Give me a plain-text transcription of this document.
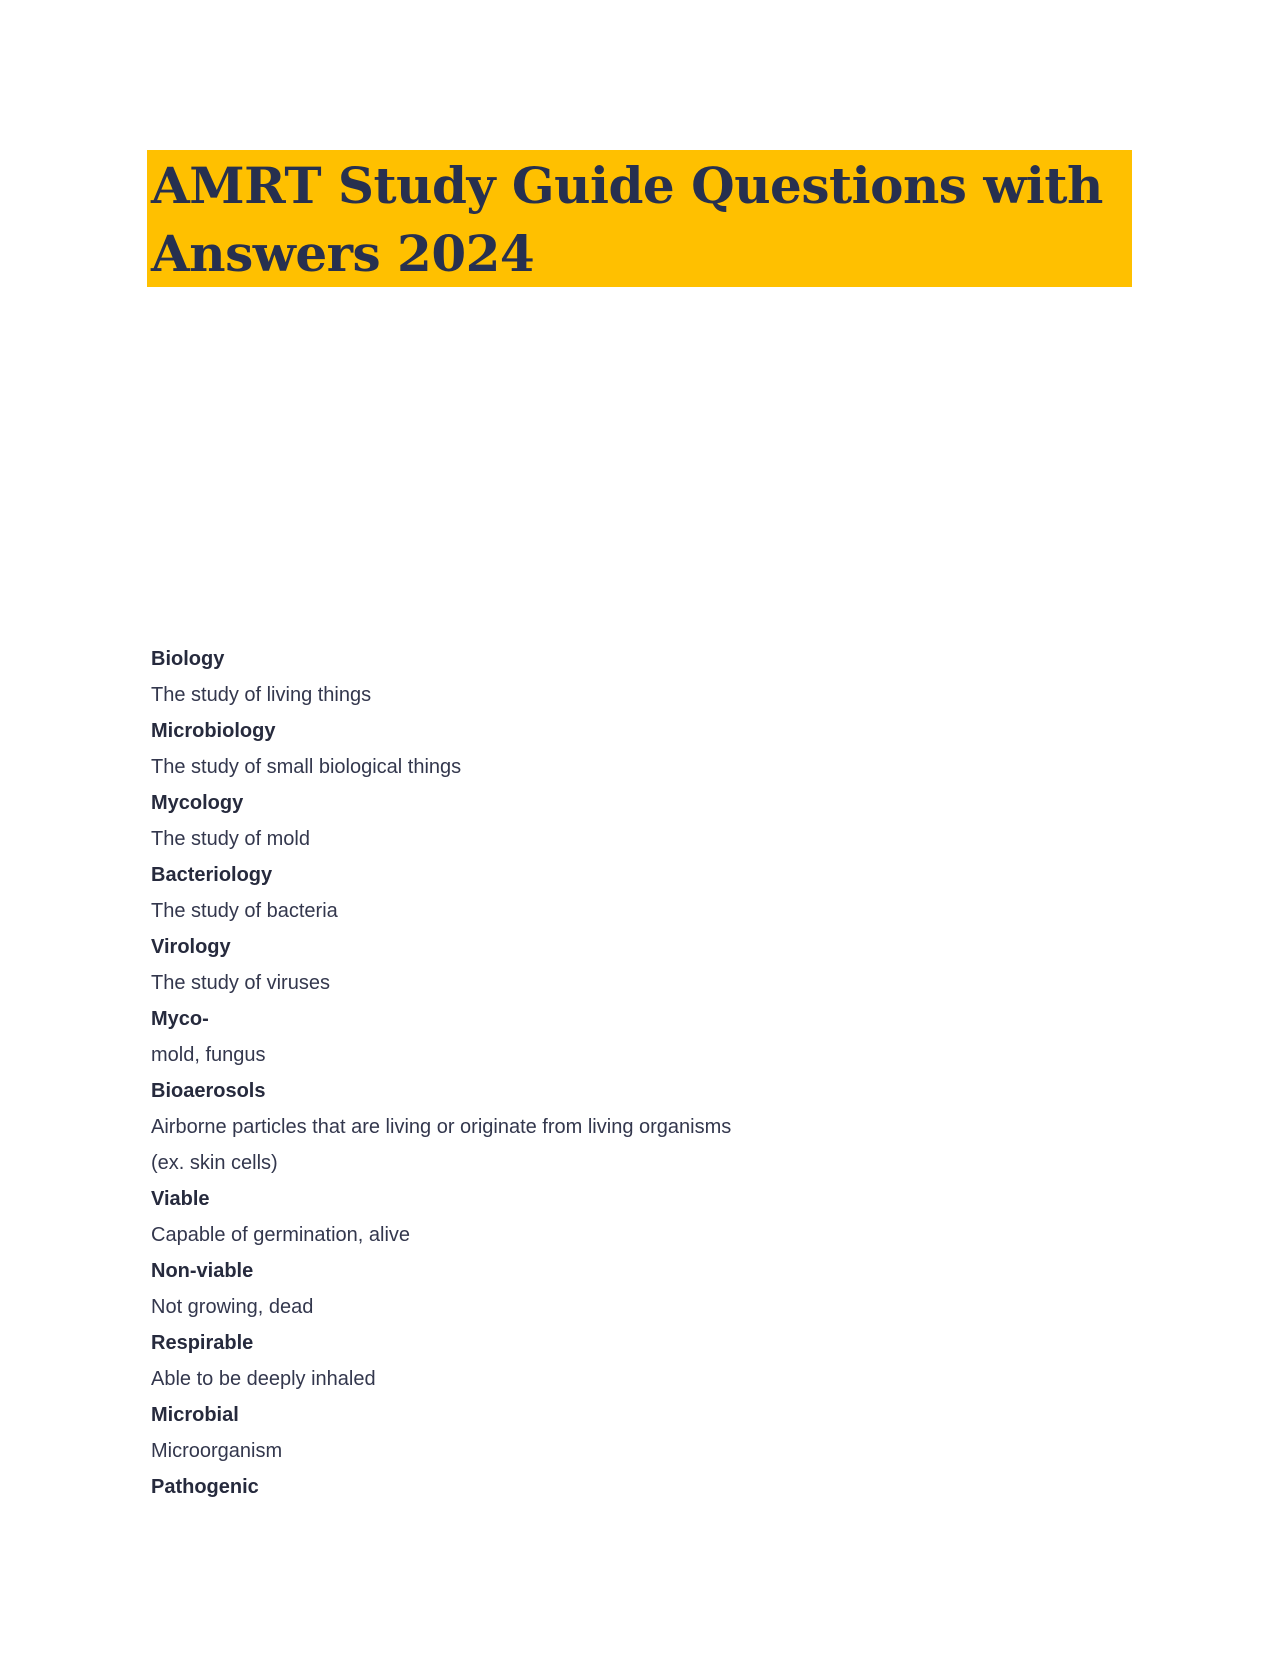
AMRT Study Guide Questions with
Answers 2024
Biology
The study of living things
Microbiology
The study of small biological things
Mycology
The study of mold
Bacteriology
The study of bacteria
Virology
The study of viruses
Myco-
mold, fungus
Bioaerosols
Airborne particles that are living or originate from living organisms
(ex. skin cells)
Viable
Capable of germination, alive
Non-viable
Not growing, dead
Respirable
Able to be deeply inhaled
Microbial
Microorganism
Pathogenic
